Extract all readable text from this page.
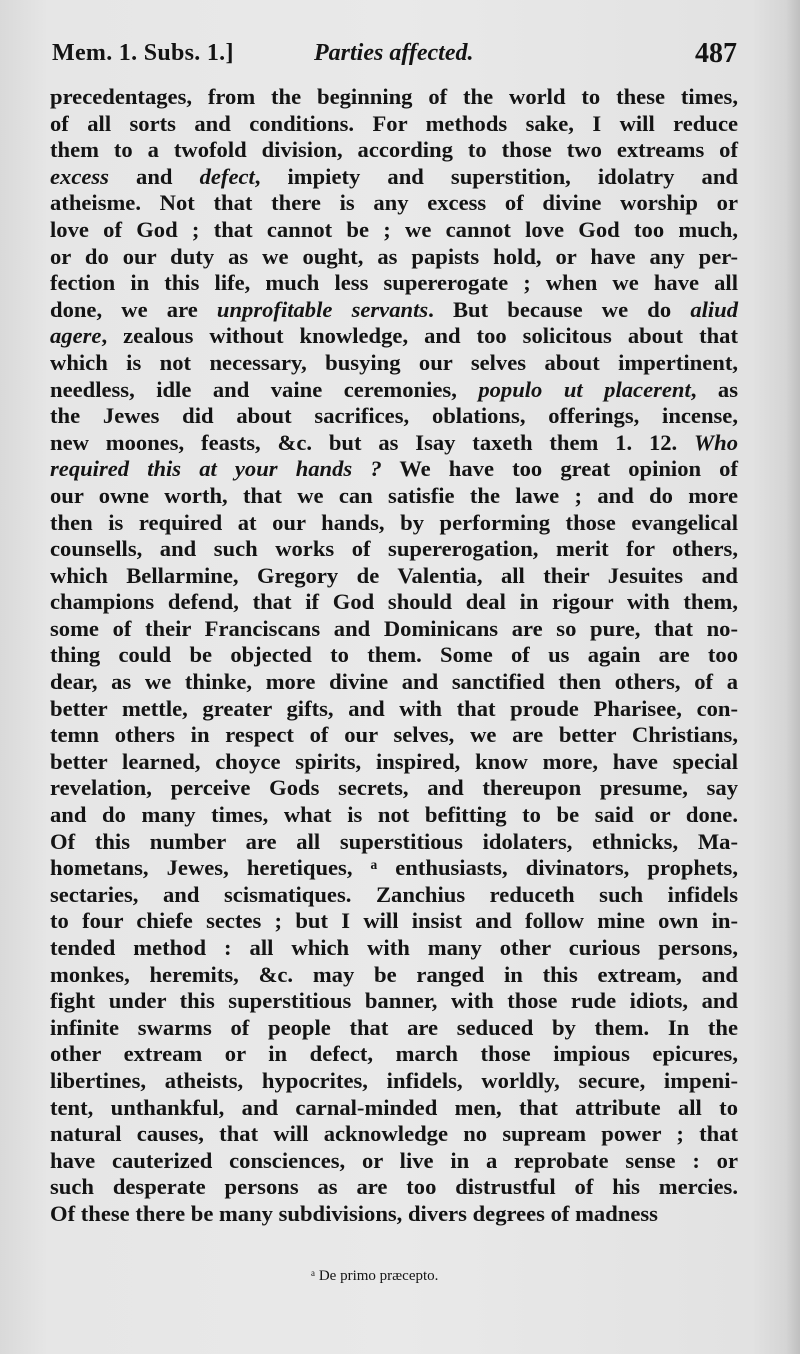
Mem. 1. Subs. 1.]	Parties affected.	487
precedentages, from the beginning of the world to these times,
of all sorts and conditions. For methods sake, I will reduce
them to a twofold division, according to those two extreams of
excess and defect, impiety and superstition, idolatry and
atheisme. Not that there is any excess of divine worship or
love of God ; that cannot be ; we cannot love God too much,
or do our duty as we ought, as papists hold, or have any per-
fection in this life, much less supererogate ; when we have all
done, we are unprofitable servants. But because we do aliud
agere, zealous without knowledge, and too solicitous about that
which is not necessary, busying our selves about impertinent,
needless, idle and vaine ceremonies, populo ut placerent, as
the Jewes did about sacrifices, oblations, offerings, incense,
new moones, feasts, &c. but as Isay taxeth them 1. 12. Who
required this at your hands ? We have too great opinion of
our owne worth, that we can satisfie the lawe ; and do more
then is required at our hands, by performing those evangelical
counsells, and such works of supererogation, merit for others,
which Bellarmine, Gregory de Valentia, all their Jesuites and
champions defend, that if God should deal in rigour with them,
some of their Franciscans and Dominicans are so pure, that no-
thing could be objected to them. Some of us again are too
dear, as we thinke, more divine and sanctified then others, of a
better mettle, greater gifts, and with that proude Pharisee, con-
temn others in respect of our selves, we are better Christians,
better learned, choyce spirits, inspired, know more, have special
revelation, perceive Gods secrets, and thereupon presume, say
and do many times, what is not befitting to be said or done.
Of this number are all superstitious idolaters, ethnicks, Ma-
hometans, Jewes, heretiques, ᵃ enthusiasts, divinators, prophets,
sectaries, and scismatiques. Zanchius reduceth such infidels
to four chiefe sectes ; but I will insist and follow mine own in-
tended method : all which with many other curious persons,
monkes, heremits, &c. may be ranged in this extream, and
fight under this superstitious banner, with those rude idiots, and
infinite swarms of people that are seduced by them. In the
other extream or in defect, march those impious epicures,
libertines, atheists, hypocrites, infidels, worldly, secure, impeni-
tent, unthankful, and carnal-minded men, that attribute all to
natural causes, that will acknowledge no supream power ; that
have cauterized consciences, or live in a reprobate sense : or
such desperate persons as are too distrustful of his mercies.
Of these there be many subdivisions, divers degrees of madness
ᵃ De primo præcepto.
